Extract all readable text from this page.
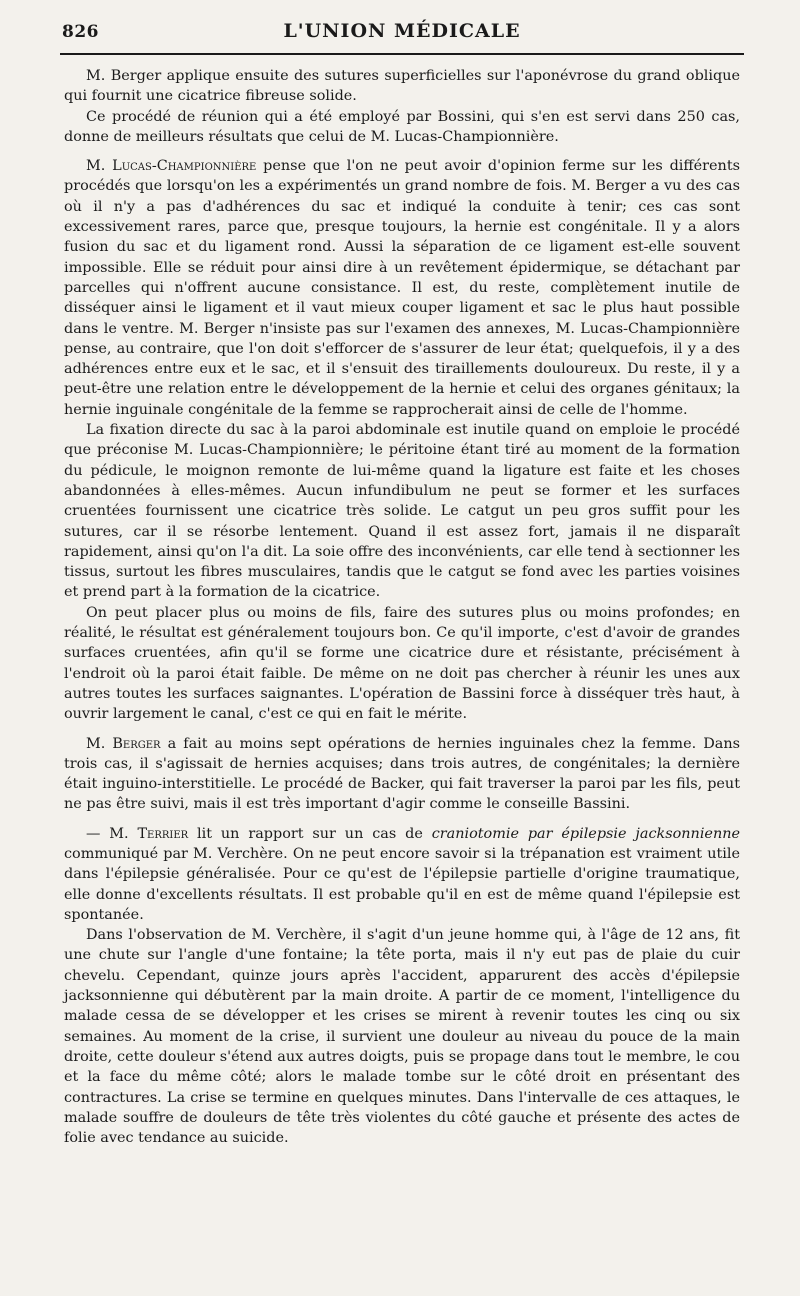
826	L'UNION MÉDICALE

M. Berger applique ensuite des sutures superficielles sur l'aponévrose du grand oblique qui fournit une cicatrice fibreuse solide.

Ce procédé de réunion qui a été employé par Bossini, qui s'en est servi dans 250 cas, donne de meilleurs résultats que celui de M. Lucas-Championnière.

M. Lucas-Championnière pense que l'on ne peut avoir d'opinion ferme sur les différents procédés que lorsqu'on les a expérimentés un grand nombre de fois. M. Berger a vu des cas où il n'y a pas d'adhérences du sac et indiqué la conduite à tenir; ces cas sont excessivement rares, parce que, presque toujours, la hernie est congénitale. Il y a alors fusion du sac et du ligament rond. Aussi la séparation de ce ligament est-elle souvent impossible. Elle se réduit pour ainsi dire à un revêtement épidermique, se détachant par parcelles qui n'offrent aucune consistance. Il est, du reste, complètement inutile de disséquer ainsi le ligament et il vaut mieux couper ligament et sac le plus haut possible dans le ventre. M. Berger n'insiste pas sur l'examen des annexes, M. Lucas-Championnière pense, au contraire, que l'on doit s'efforcer de s'assurer de leur état; quelquefois, il y a des adhérences entre eux et le sac, et il s'ensuit des tiraillements douloureux. Du reste, il y a peut-être une relation entre le développement de la hernie et celui des organes génitaux; la hernie inguinale congénitale de la femme se rapprocherait ainsi de celle de l'homme.

La fixation directe du sac à la paroi abdominale est inutile quand on emploie le procédé que préconise M. Lucas-Championnière; le péritoine étant tiré au moment de la formation du pédicule, le moignon remonte de lui-même quand la ligature est faite et les choses abandonnées à elles-mêmes. Aucun infundibulum ne peut se former et les surfaces cruentées fournissent une cicatrice très solide. Le catgut un peu gros suffit pour les sutures, car il se résorbe lentement. Quand il est assez fort, jamais il ne disparaît rapidement, ainsi qu'on l'a dit. La soie offre des inconvénients, car elle tend à sectionner les tissus, surtout les fibres musculaires, tandis que le catgut se fond avec les parties voisines et prend part à la formation de la cicatrice.

On peut placer plus ou moins de fils, faire des sutures plus ou moins profondes; en réalité, le résultat est généralement toujours bon. Ce qu'il importe, c'est d'avoir de grandes surfaces cruentées, afin qu'il se forme une cicatrice dure et résistante, précisément à l'endroit où la paroi était faible. De même on ne doit pas chercher à réunir les unes aux autres toutes les surfaces saignantes. L'opération de Bassini force à disséquer très haut, à ouvrir largement le canal, c'est ce qui en fait le mérite.

M. Berger a fait au moins sept opérations de hernies inguinales chez la femme. Dans trois cas, il s'agissait de hernies acquises; dans trois autres, de congénitales; la dernière était inguino-interstitielle. Le procédé de Backer, qui fait traverser la paroi par les fils, peut ne pas être suivi, mais il est très important d'agir comme le conseille Bassini.

— M. Terrier lit un rapport sur un cas de craniotomie par épilepsie jacksonnienne communiqué par M. Verchère. On ne peut encore savoir si la trépanation est vraiment utile dans l'épilepsie généralisée. Pour ce qu'est de l'épilepsie partielle d'origine traumatique, elle donne d'excellents résultats. Il est probable qu'il en est de même quand l'épilepsie est spontanée.

Dans l'observation de M. Verchère, il s'agit d'un jeune homme qui, à l'âge de 12 ans, fit une chute sur l'angle d'une fontaine; la tête porta, mais il n'y eut pas de plaie du cuir chevelu. Cependant, quinze jours après l'accident, apparurent des accès d'épilepsie jacksonnienne qui débutèrent par la main droite. A partir de ce moment, l'intelligence du malade cessa de se développer et les crises se mirent à revenir toutes les cinq ou six semaines. Au moment de la crise, il survient une douleur au niveau du pouce de la main droite, cette douleur s'étend aux autres doigts, puis se propage dans tout le membre, le cou et la face du même côté; alors le malade tombe sur le côté droit en présentant des contractures. La crise se termine en quelques minutes. Dans l'intervalle de ces attaques, le malade souffre de douleurs de tête très violentes du côté gauche et présente des actes de folie avec tendance au suicide.
